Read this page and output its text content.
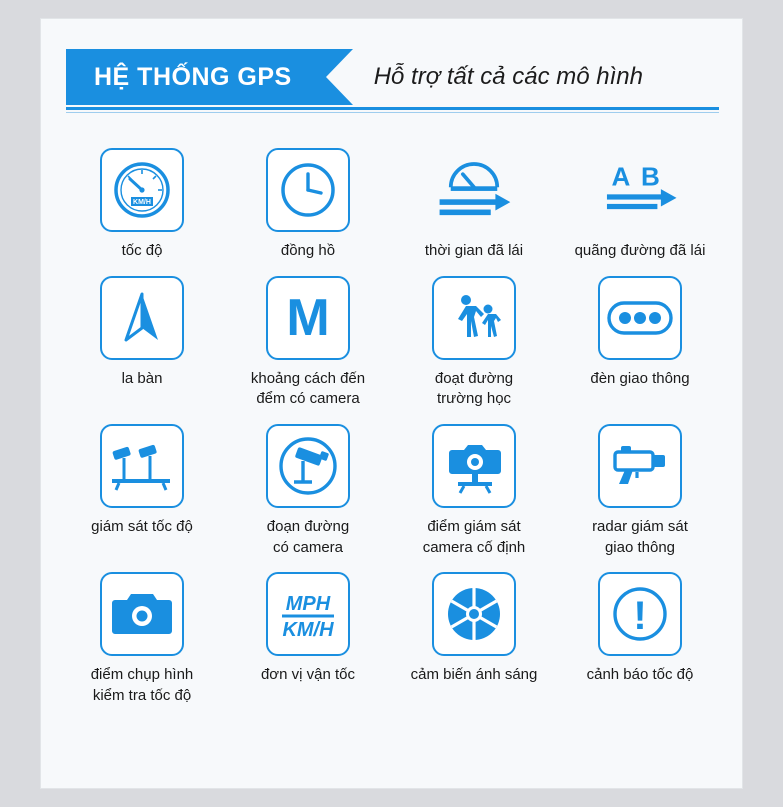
HỆ THỐNG GPS	Hỗ trợ tất cả các mô hình
KM/H
tốc độ	đồng hồ	thời gian đã lái
A B
quãng đường đã lái
la bàn
M
khoảng cách đến
đểm có camera
đoạt đường
trường học
đèn giao thông
giám sát tốc độ	đoạn đường
có camera
điểm giám sát
camera cố định
radar giám sát
giao thông
điểm chụp hình
kiểm tra tốc độ
MPH
KM/H
đơn vị vận tốc	cảm biến ánh sáng
!
cảnh báo tốc độ
